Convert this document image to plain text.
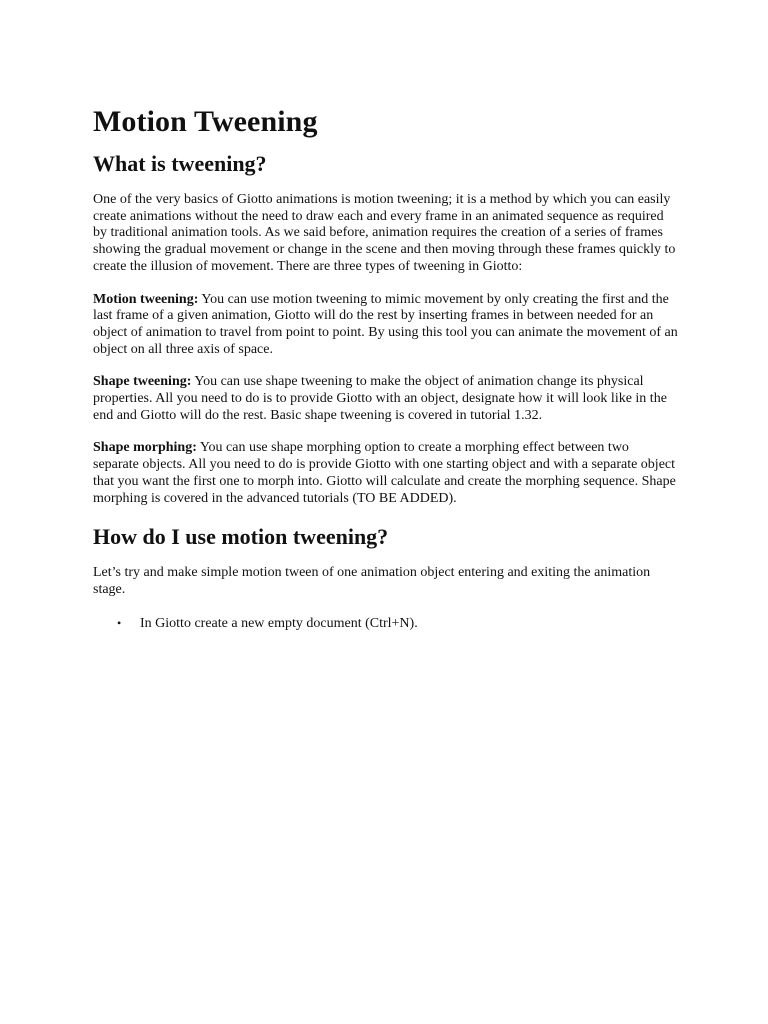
Motion Tweening
What is tweening?

One of the very basics of Giotto animations is motion tweening; it is a method by which you can easily create animations without the need to draw each and every frame in an animated sequence as required by traditional animation tools. As we said before, animation requires the creation of a series of frames showing the gradual movement or change in the scene and then moving through these frames quickly to create the illusion of movement. There are three types of tweening in Giotto:

Motion tweening: You can use motion tweening to mimic movement by only creating the first and the last frame of a given animation, Giotto will do the rest by inserting frames in between needed for an object of animation to travel from point to point. By using this tool you can animate the movement of an object on all three axis of space.

Shape tweening: You can use shape tweening to make the object of animation change its physical properties. All you need to do is to provide Giotto with an object, designate how it will look like in the end and Giotto will do the rest. Basic shape tweening is covered in tutorial 1.32.

Shape morphing: You can use shape morphing option to create a morphing effect between two separate objects. All you need to do is provide Giotto with one starting object and with a separate object that you want the first one to morph into. Giotto will calculate and create the morphing sequence. Shape morphing is covered in the advanced tutorials (TO BE ADDED).

How do I use motion tweening?

Let’s try and make simple motion tween of one animation object entering and exiting the animation stage.

• In Giotto create a new empty document (Ctrl+N).
